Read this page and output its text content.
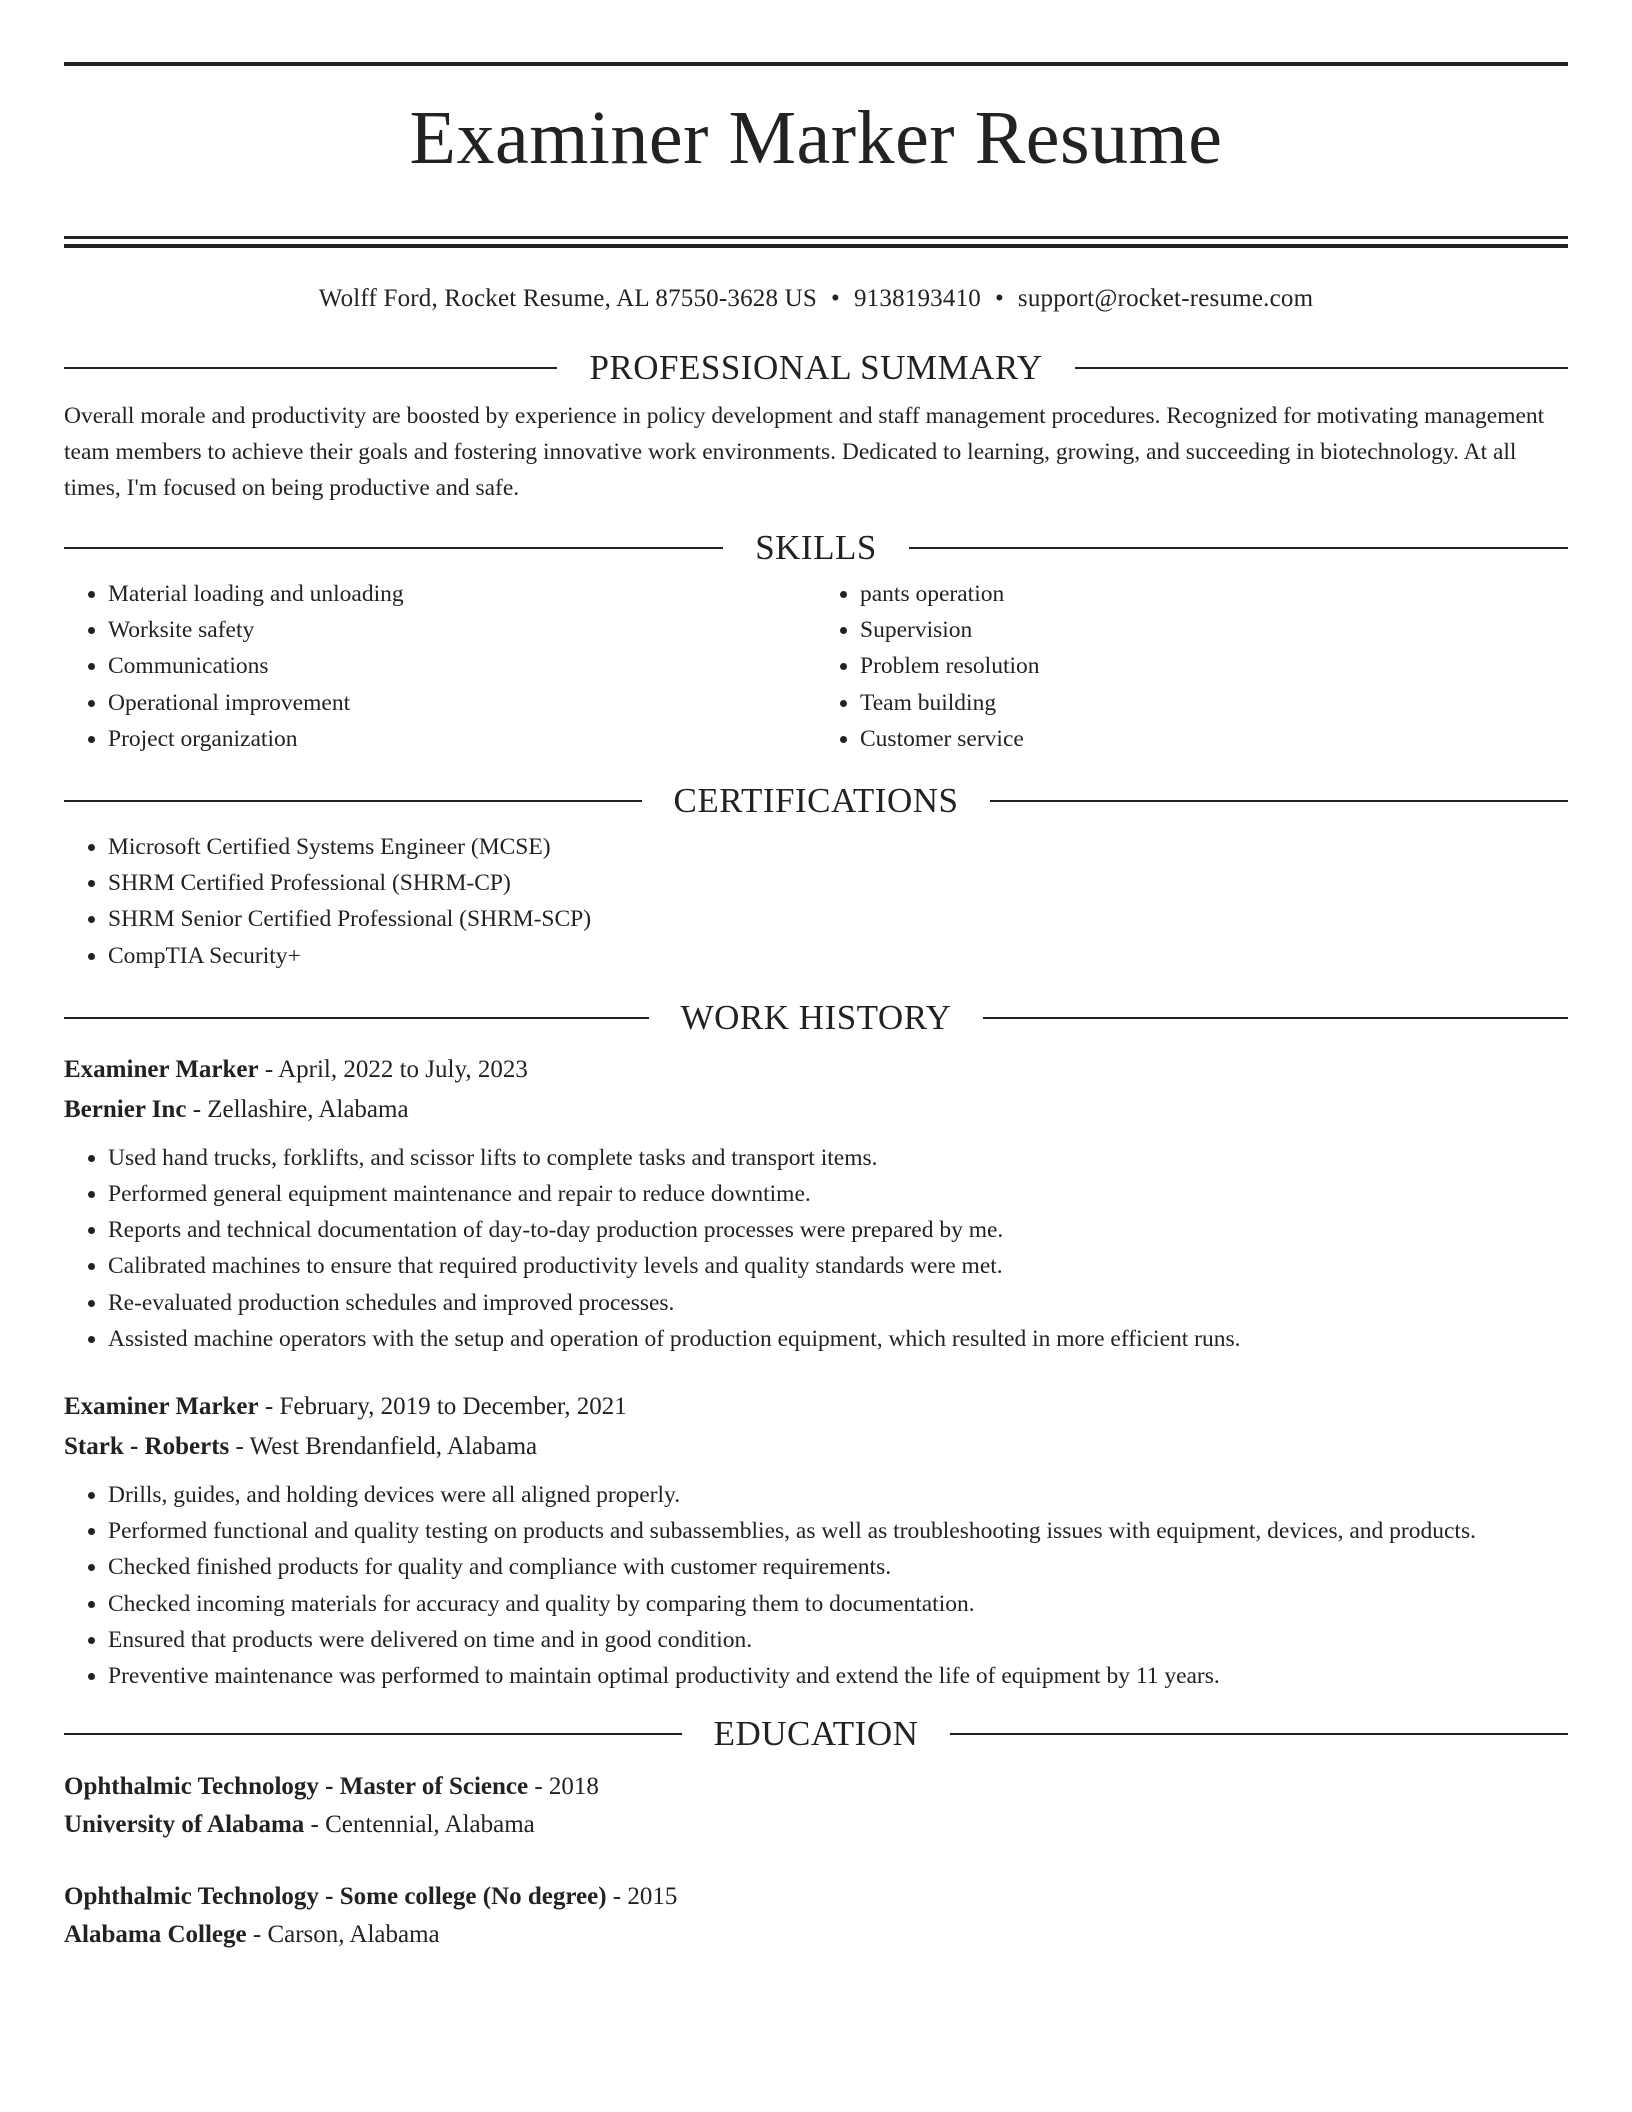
Examiner Marker Resume
Wolff Ford, Rocket Resume, AL 87550-3628 US • 9138193410 • support@rocket-resume.com
PROFESSIONAL SUMMARY
Overall morale and productivity are boosted by experience in policy development and staff management procedures. Recognized for motivating management team members to achieve their goals and fostering innovative work environments. Dedicated to learning, growing, and succeeding in biotechnology. At all times, I'm focused on being productive and safe.
SKILLS
• Material loading and unloading
• Worksite safety
• Communications
• Operational improvement
• Project organization
• pants operation
• Supervision
• Problem resolution
• Team building
• Customer service
CERTIFICATIONS
• Microsoft Certified Systems Engineer (MCSE)
• SHRM Certified Professional (SHRM-CP)
• SHRM Senior Certified Professional (SHRM-SCP)
• CompTIA Security+
WORK HISTORY
Examiner Marker - April, 2022 to July, 2023
Bernier Inc - Zellashire, Alabama
• Used hand trucks, forklifts, and scissor lifts to complete tasks and transport items.
• Performed general equipment maintenance and repair to reduce downtime.
• Reports and technical documentation of day-to-day production processes were prepared by me.
• Calibrated machines to ensure that required productivity levels and quality standards were met.
• Re-evaluated production schedules and improved processes.
• Assisted machine operators with the setup and operation of production equipment, which resulted in more efficient runs.
Examiner Marker - February, 2019 to December, 2021
Stark - Roberts - West Brendanfield, Alabama
• Drills, guides, and holding devices were all aligned properly.
• Performed functional and quality testing on products and subassemblies, as well as troubleshooting issues with equipment, devices, and products.
• Checked finished products for quality and compliance with customer requirements.
• Checked incoming materials for accuracy and quality by comparing them to documentation.
• Ensured that products were delivered on time and in good condition.
• Preventive maintenance was performed to maintain optimal productivity and extend the life of equipment by 11 years.
EDUCATION
Ophthalmic Technology - Master of Science - 2018
University of Alabama - Centennial, Alabama
Ophthalmic Technology - Some college (No degree) - 2015
Alabama College - Carson, Alabama
